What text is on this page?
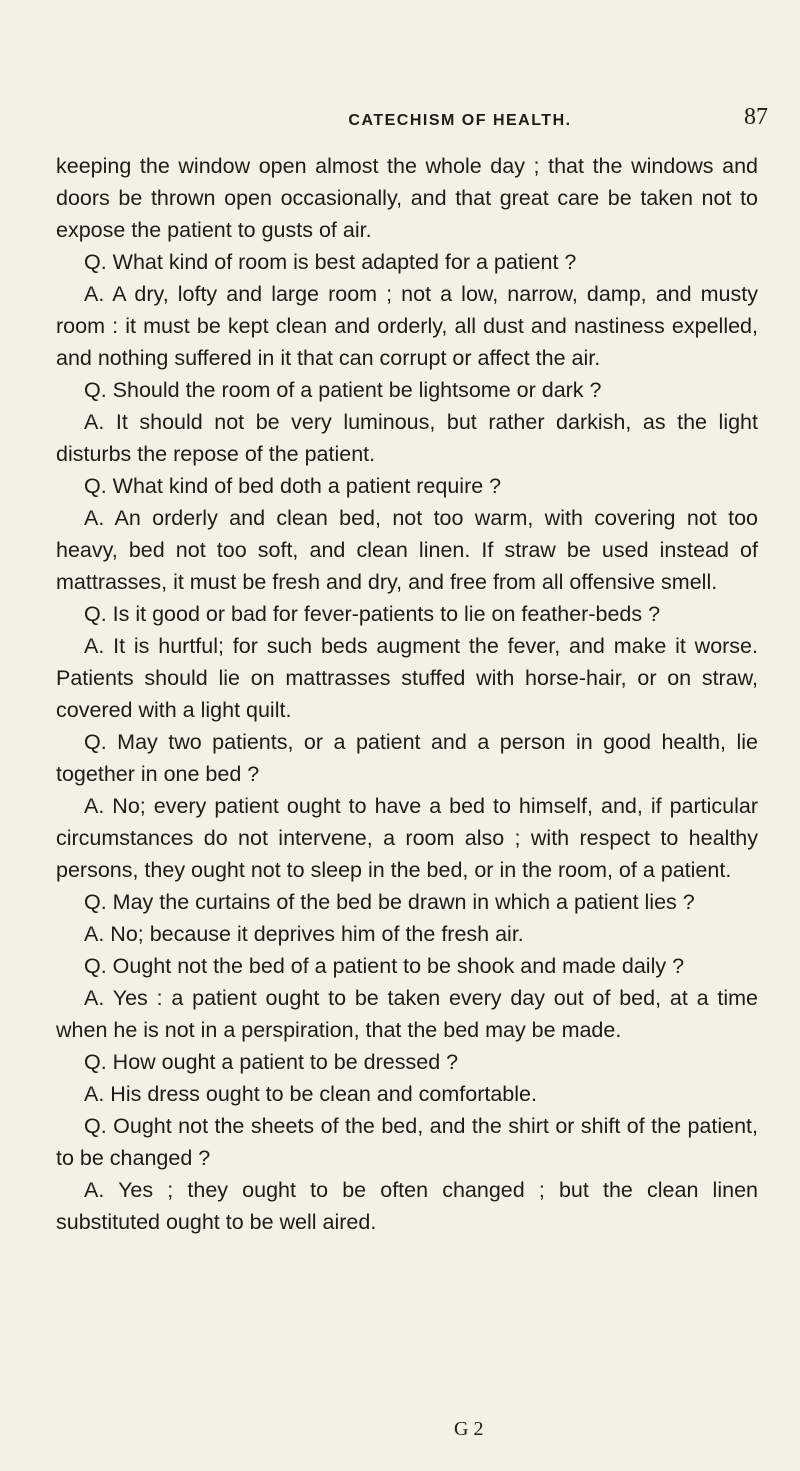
CATECHISM OF HEALTH.	87

keeping the window open almost the whole day ; that the windows and doors be thrown open occasionally, and that great care be taken not to expose the patient to gusts of air.

Q. What kind of room is best adapted for a patient ?

A. A dry, lofty and large room ; not a low, narrow, damp, and musty room : it must be kept clean and orderly, all dust and nastiness expelled, and nothing suffered in it that can corrupt or affect the air.

Q. Should the room of a patient be lightsome or dark ?

A. It should not be very luminous, but rather darkish, as the light disturbs the repose of the patient.

Q. What kind of bed doth a patient require ?

A. An orderly and clean bed, not too warm, with covering not too heavy, bed not too soft, and clean linen. If straw be used instead of mattrasses, it must be fresh and dry, and free from all offensive smell.

Q. Is it good or bad for fever-patients to lie on feather-beds ?

A. It is hurtful; for such beds augment the fever, and make it worse. Patients should lie on mattrasses stuffed with horse-hair, or on straw, covered with a light quilt.

Q. May two patients, or a patient and a person in good health, lie together in one bed ?

A. No; every patient ought to have a bed to himself, and, if particular circumstances do not intervene, a room also ; with respect to healthy persons, they ought not to sleep in the bed, or in the room, of a patient.

Q. May the curtains of the bed be drawn in which a patient lies ?

A. No; because it deprives him of the fresh air.

Q. Ought not the bed of a patient to be shook and made daily ?

A. Yes : a patient ought to be taken every day out of bed, at a time when he is not in a perspiration, that the bed may be made.

Q. How ought a patient to be dressed ?

A. His dress ought to be clean and comfortable.

Q. Ought not the sheets of the bed, and the shirt or shift of the patient, to be changed ?

A. Yes ; they ought to be often changed ; but the clean linen substituted ought to be well aired.

G 2
